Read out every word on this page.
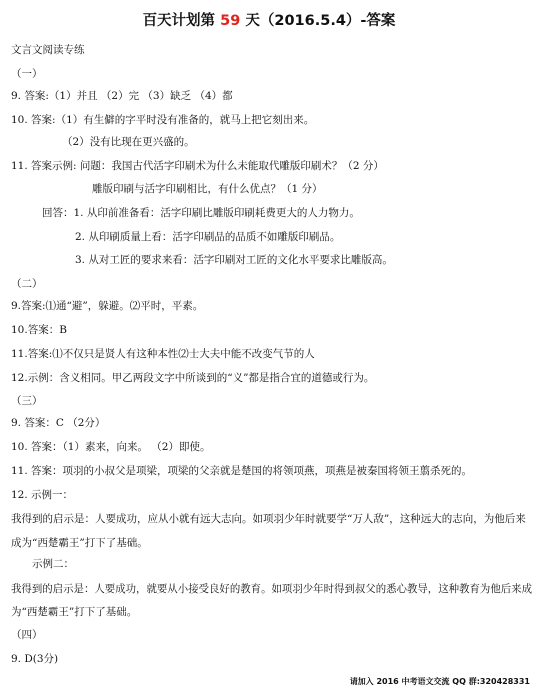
百天计划第 59 天（2016.5.4）-答案
文言文阅读专练
（一）
9. 答案:（1）并且 （2）完 （3）缺乏 （4）都
10. 答案:（1）有生僻的字平时没有准备的，就马上把它刻出来。
（2）没有比现在更兴盛的。
11. 答案示例: 问题：我国古代活字印刷术为什么未能取代雕版印刷术？（2 分）
雕版印刷与活字印刷相比，有什么优点？（1 分）
回答：1. 从印前准备看：活字印刷比雕版印刷耗费更大的人力物力。
2. 从印刷质量上看：活字印刷品的品质不如雕版印刷品。
3. 从对工匠的要求来看：活字印刷对工匠的文化水平要求比雕版高。
（二）
9.答案:⑴通“避”，躲避。⑵平时，平素。
10.答案：B
11.答案:⑴不仅只是贤人有这种本性⑵士大夫中能不改变气节的人
12.示例：含义相同。甲乙两段文字中所谈到的“义”都是指合宜的道德或行为。
（三）
9. 答案：C （2分）
10. 答案：（1）素来，向来。 （2）即使。
11. 答案：项羽的小叔父是项梁，项梁的父亲就是楚国的将领项燕，项燕是被秦国将领王翦杀死的。
12. 示例一：
我得到的启示是：人要成功，应从小就有远大志向。如项羽少年时就要学“万人敌”，这种远大的志向，为他后来
成为“西楚霸王”打下了基础。
示例二：
我得到的启示是：人要成功，就要从小接受良好的教育。如项羽少年时得到叔父的悉心教导，这种教育为他后来成
为“西楚霸王”打下了基础。
（四）
9. D(3分)
请加入 2016 中考语文交流 QQ 群:320428331
